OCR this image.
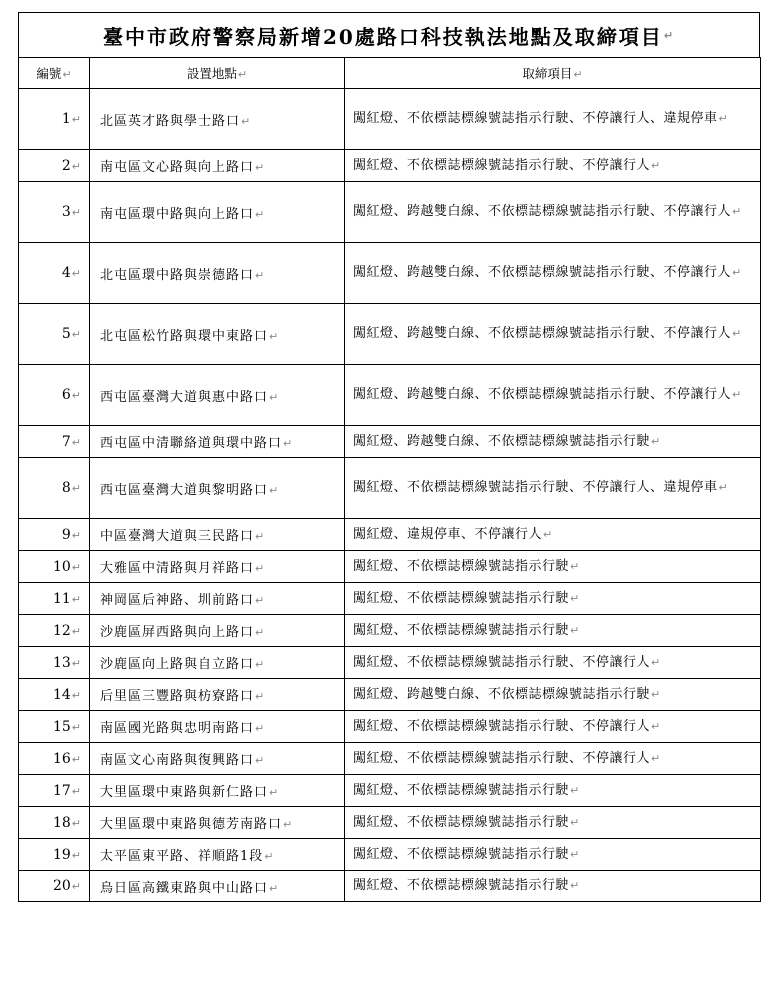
臺中市政府警察局新增20處路口科技執法地點及取締項目 ↵
編號↵	設置地點↵	取締項目↵
1↵	北區英才路與學士路口↵	闖紅燈、不依標誌標線號誌指示行駛、不停讓行人、違規停車↵
2↵	南屯區文心路與向上路口↵	闖紅燈、不依標誌標線號誌指示行駛、不停讓行人↵
3↵	南屯區環中路與向上路口↵	闖紅燈、跨越雙白線、不依標誌標線號誌指示行駛、不停讓行人↵
4↵	北屯區環中路與崇德路口↵	闖紅燈、跨越雙白線、不依標誌標線號誌指示行駛、不停讓行人↵
5↵	北屯區松竹路與環中東路口↵	闖紅燈、跨越雙白線、不依標誌標線號誌指示行駛、不停讓行人↵
6↵	西屯區臺灣大道與惠中路口↵	闖紅燈、跨越雙白線、不依標誌標線號誌指示行駛、不停讓行人↵
7↵	西屯區中清聯絡道與環中路口↵	闖紅燈、跨越雙白線、不依標誌標線號誌指示行駛↵
8↵	西屯區臺灣大道與黎明路口↵	闖紅燈、不依標誌標線號誌指示行駛、不停讓行人、違規停車↵
9↵	中區臺灣大道與三民路口↵	闖紅燈、違規停車、不停讓行人↵
10↵	大雅區中清路與月祥路口↵	闖紅燈、不依標誌標線號誌指示行駛↵
11↵	神岡區后神路、圳前路口↵	闖紅燈、不依標誌標線號誌指示行駛↵
12↵	沙鹿區屏西路與向上路口↵	闖紅燈、不依標誌標線號誌指示行駛↵
13↵	沙鹿區向上路與自立路口↵	闖紅燈、不依標誌標線號誌指示行駛、不停讓行人↵
14↵	后里區三豐路與枋寮路口↵	闖紅燈、跨越雙白線、不依標誌標線號誌指示行駛↵
15↵	南區國光路與忠明南路口↵	闖紅燈、不依標誌標線號誌指示行駛、不停讓行人↵
16↵	南區文心南路與復興路口↵	闖紅燈、不依標誌標線號誌指示行駛、不停讓行人↵
17↵	大里區環中東路與新仁路口↵	闖紅燈、不依標誌標線號誌指示行駛↵
18↵	大里區環中東路與德芳南路口↵	闖紅燈、不依標誌標線號誌指示行駛↵
19↵	太平區東平路、祥順路1段↵	闖紅燈、不依標誌標線號誌指示行駛↵
20↵	烏日區高鐵東路與中山路口↵	闖紅燈、不依標誌標線號誌指示行駛↵
